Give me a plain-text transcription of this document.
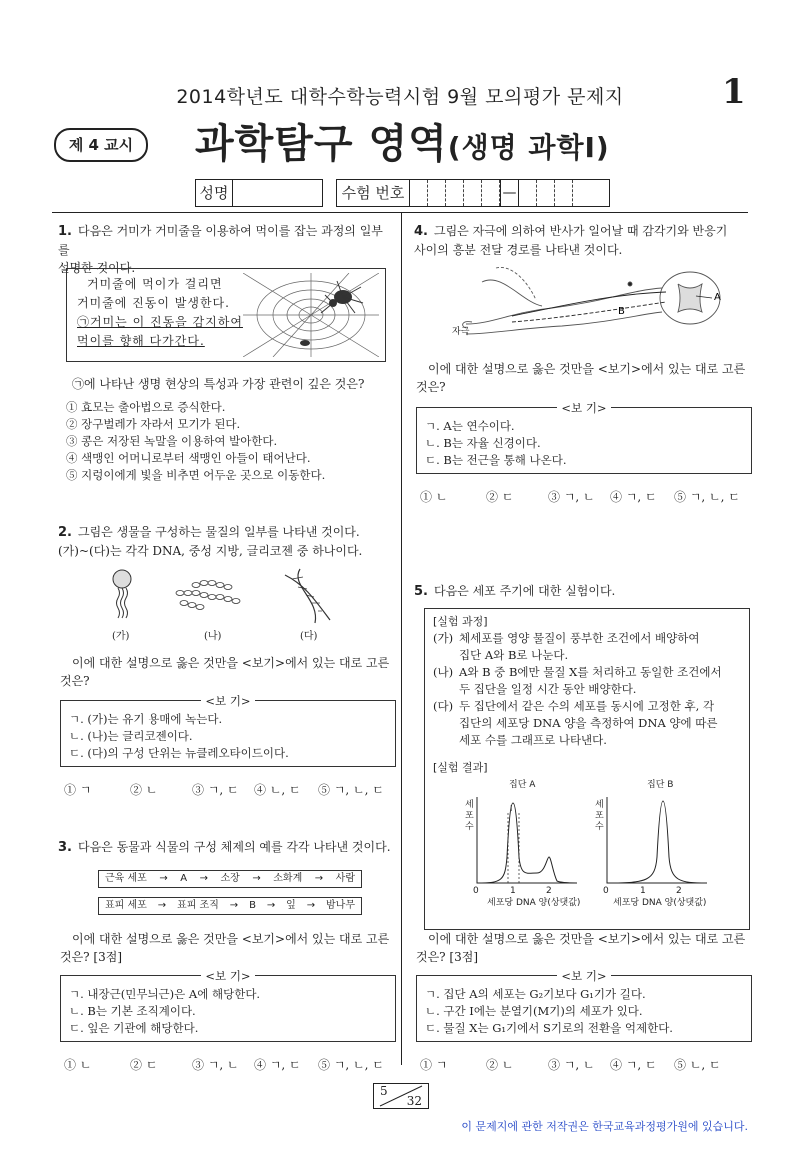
2014학년도 대학수학능력시험 9월 모의평가 문제지	1
제 4 교시	과학탐구 영역(생명 과학Ⅰ)
성명	수험 번호	—
1. 다음은 거미가 거미줄을 이용하여 먹이를 잡는 과정의 일부를
설명한 것이다.
거미줄에 먹이가 걸리면
거미줄에 진동이 발생한다.
㉠거미는 이 진동을 감지하여
먹이를 향해 다가간다.
㉠에 나타난 생명 현상의 특성과 가장 관련이 깊은 것은?
① 효모는 출아법으로 증식한다.
② 장구벌레가 자라서 모기가 된다.
③ 콩은 저장된 녹말을 이용하여 발아한다.
④ 색맹인 어머니로부터 색맹인 아들이 태어난다.
⑤ 지렁이에게 빛을 비추면 어두운 곳으로 이동한다.
2. 그림은 생물을 구성하는 물질의 일부를 나타낸 것이다.
(가)~(다)는 각각 DNA, 중성 지방, 글리코젠 중 하나이다.
(가)	(나)	(다)
이에 대한 설명으로 옳은 것만을 <보기>에서 있는 대로 고른
것은?
<보 기>
ㄱ. (가)는 유기 용매에 녹는다.
ㄴ. (나)는 글리코젠이다.
ㄷ. (다)의 구성 단위는 뉴클레오타이드이다.
① ㄱ	② ㄴ	③ ㄱ, ㄷ	④ ㄴ, ㄷ	⑤ ㄱ, ㄴ, ㄷ
3. 다음은 동물과 식물의 구성 체제의 예를 각각 나타낸 것이다.
근육 세포 → A → 소장 → 소화계 → 사람
표피 세포 → 표피 조직 → B → 잎 → 밤나무
이에 대한 설명으로 옳은 것만을 <보기>에서 있는 대로 고른
것은? [3점]
<보 기>
ㄱ. 내장근(민무늬근)은 A에 해당한다.
ㄴ. B는 기본 조직계이다.
ㄷ. 잎은 기관에 해당한다.
① ㄴ	② ㄷ	③ ㄱ, ㄴ	④ ㄱ, ㄷ	⑤ ㄱ, ㄴ, ㄷ
4. 그림은 자극에 의하여 반사가 일어날 때 감각기와 반응기
사이의 흥분 전달 경로를 나타낸 것이다.
A
B
자극
이에 대한 설명으로 옳은 것만을 <보기>에서 있는 대로 고른
것은?
<보 기>
ㄱ. A는 연수이다.
ㄴ. B는 자율 신경이다.
ㄷ. B는 전근을 통해 나온다.
① ㄴ	② ㄷ	③ ㄱ, ㄴ	④ ㄱ, ㄷ	⑤ ㄱ, ㄴ, ㄷ
5. 다음은 세포 주기에 대한 실험이다.
[실험 과정]
(가) 체세포를 영양 물질이 풍부한 조건에서 배양하여
집단 A와 B로 나눈다.
(나) A와 B 중 B에만 물질 X를 처리하고 동일한 조건에서
두 집단을 일정 시간 동안 배양한다.
(다) 두 집단에서 같은 수의 세포를 동시에 고정한 후, 각
집단의 세포당 DNA 양을 측정하여 DNA 양에 따른
세포 수를 그래프로 나타낸다.
[실험 결과]
집단 A	집단 B
세 포 수
세 포 수
세포당 DNA 양(상댓값)	세포당 DNA 양(상댓값)
0	1	2	0	1	2
I
이에 대한 설명으로 옳은 것만을 <보기>에서 있는 대로 고른
것은? [3점]
<보 기>
ㄱ. 집단 A의 세포는 G₂기보다 G₁기가 길다.
ㄴ. 구간 Ⅰ에는 분열기(M기)의 세포가 있다.
ㄷ. 물질 X는 G₁기에서 S기로의 전환을 억제한다.
① ㄱ	② ㄴ	③ ㄱ, ㄴ	④ ㄱ, ㄷ	⑤ ㄴ, ㄷ
5
32
이 문제지에 관한 저작권은 한국교육과정평가원에 있습니다.
